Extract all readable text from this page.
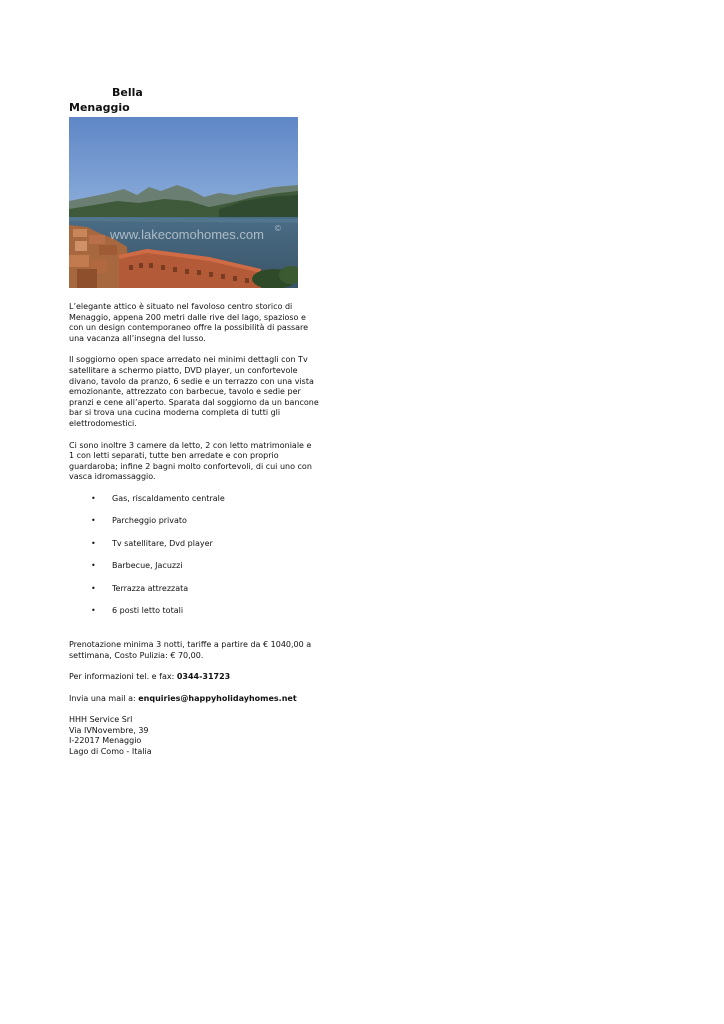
Bella
Menaggio
www.lakecomohomes.com ©

L’elegante attico è situato nel favoloso centro storico di Menaggio, appena 200 metri dalle rive del lago, spazioso e con un design contemporaneo offre la possibilità di passare una vacanza all’insegna del lusso.

Il soggiorno open space arredato nei minimi dettagli con Tv satellitare a schermo piatto, DVD player, un confortevole divano, tavolo da pranzo, 6 sedie e un terrazzo con una vista emozionante, attrezzato con barbecue, tavolo e sedie per pranzi e cene all’aperto. Sparata dal soggiorno da un bancone bar si trova una cucina moderna completa di tutti gli elettrodomestici.

Ci sono inoltre 3 camere da letto, 2 con letto matrimoniale e 1 con letti separati, tutte ben arredate e con proprio guardaroba; infine 2 bagni molto confortevoli, di cui uno con vasca idromassaggio.

• Gas, riscaldamento centrale
• Parcheggio privato
• Tv satellitare, Dvd player
• Barbecue, Jacuzzi
• Terrazza attrezzata
• 6 posti letto totali

Prenotazione minima 3 notti, tariffe a partire da € 1040,00 a settimana, Costo Pulizia: € 70,00.

Per informazioni tel. e fax: 0344-31723

Invia una mail a: enquiries@happyholidayhomes.net

HHH Service Srl

Via IVNovembre, 39

I-22017 Menaggio

Lago di Como - Italia
